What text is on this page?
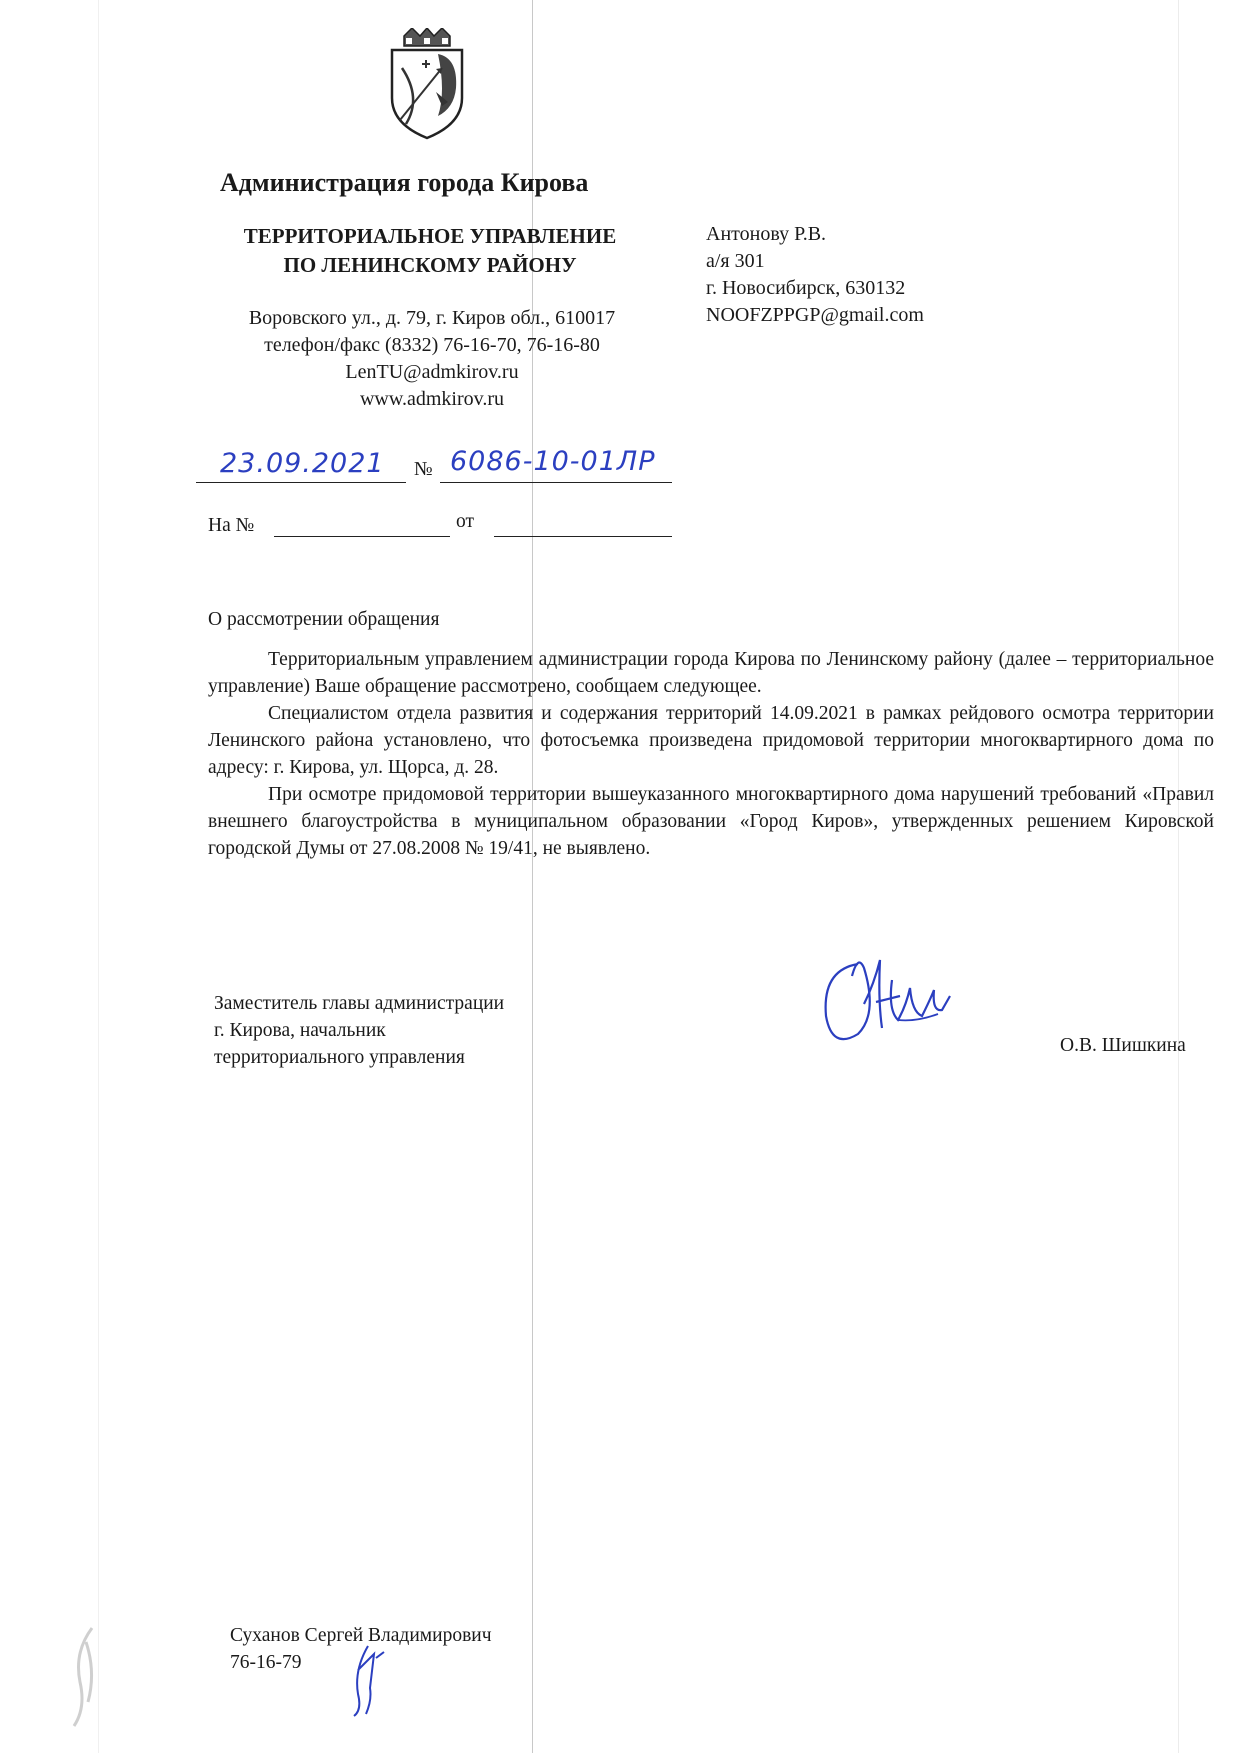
Администрация города Кирова
ТЕРРИТОРИАЛЬНОЕ УПРАВЛЕНИЕ
ПО ЛЕНИНСКОМУ РАЙОНУ
Воровского ул., д. 79, г. Киров обл., 610017
телефон/факс (8332) 76-16-70, 76-16-80
LenTU@admkirov.ru
www.admkirov.ru
Антонову Р.В.
а/я 301
г. Новосибирск, 630132
NOOFZPPGP@gmail.com
23.09.2021 № 6086-10-01ЛР
На №	от
О рассмотрении обращения

Территориальным управлением администрации города Кирова по Ленинскому району (далее – территориальное управление) Ваше обращение рассмотрено, сообщаем следующее.

Специалистом отдела развития и содержания территорий 14.09.2021 в рамках рейдового осмотра территории Ленинского района установлено, что фотосъемка произведена придомовой территории многоквартирного дома по адресу: г. Кирова, ул. Щорса, д. 28.

При осмотре придомовой территории вышеуказанного многоквартирного дома нарушений требований «Правил внешнего благоустройства в муниципальном образовании «Город Киров», утвержденных решением Кировской городской Думы от 27.08.2008 № 19/41, не выявлено.

Заместитель главы администрации
г. Кирова, начальник
территориального управления
О.В. Шишкина
Суханов Сергей Владимирович
76-16-79
